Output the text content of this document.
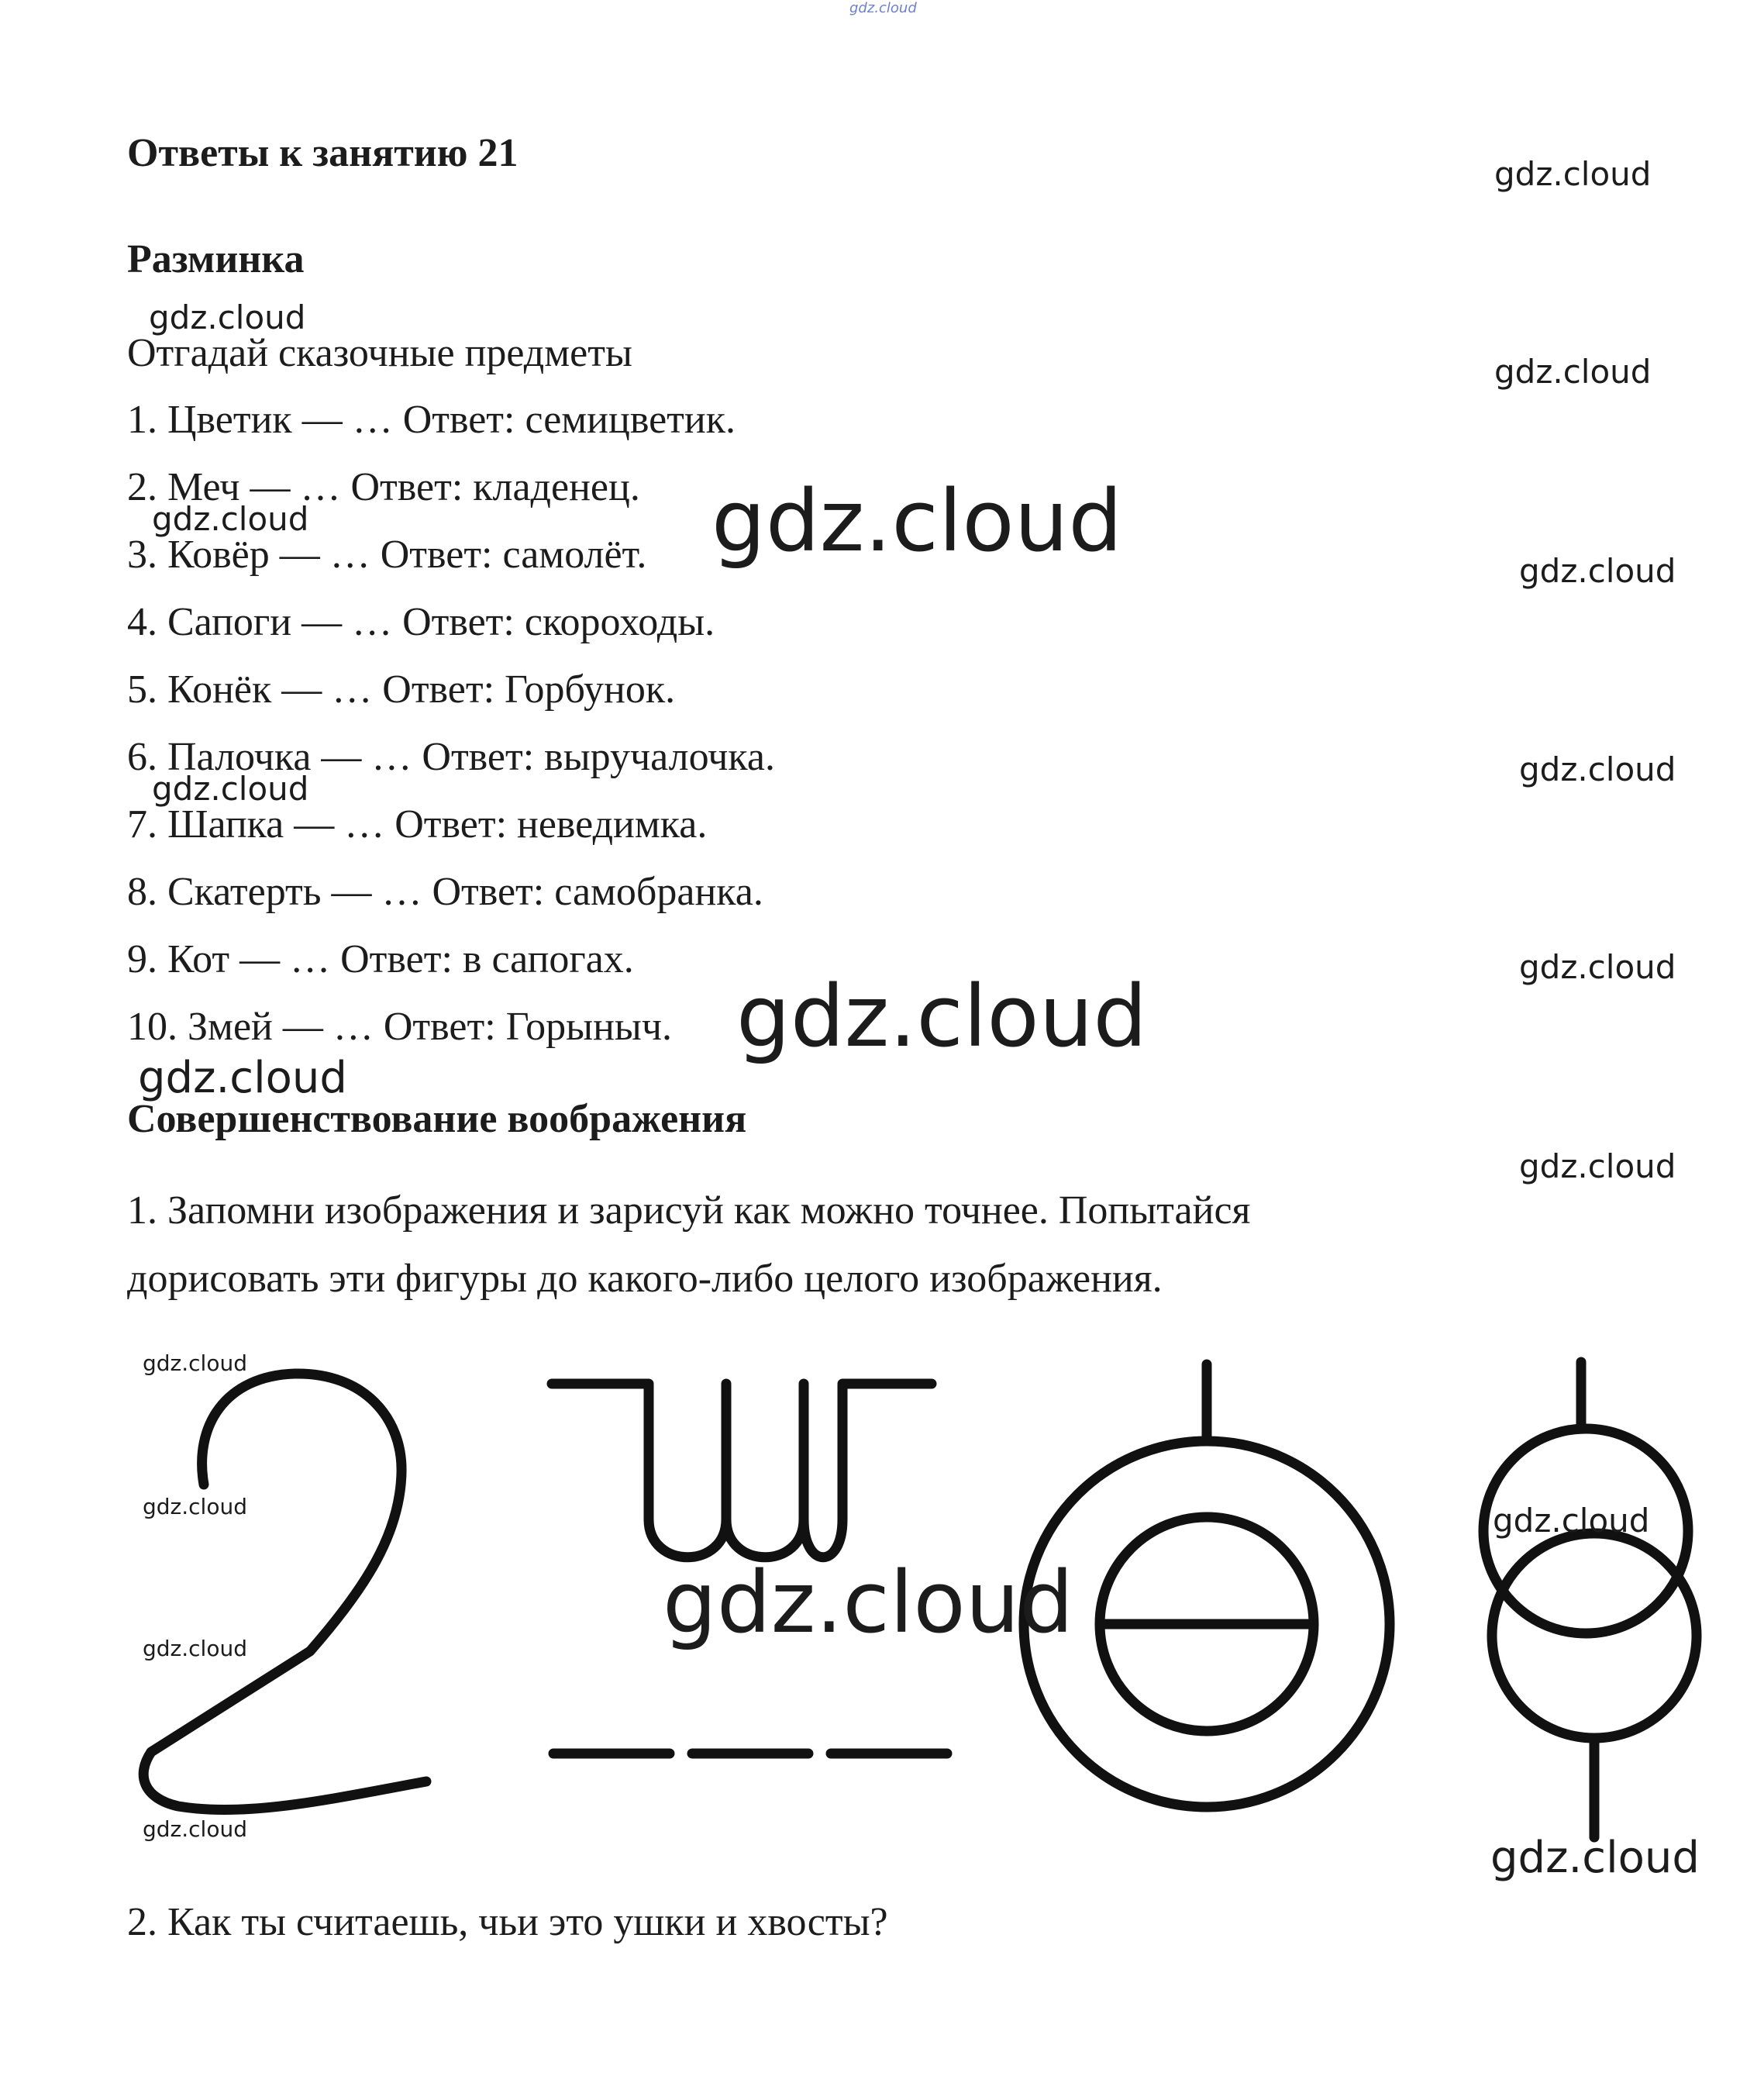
gdz.cloud
Ответы к занятию 21
Разминка
Отгадай сказочные предметы
1. Цветик — … Ответ: семицветик.
2. Меч — … Ответ: кладенец.
3. Ковёр — … Ответ: самолёт.
4. Сапоги — … Ответ: скороходы.
5. Конёк — … Ответ: Горбунок.
6. Палочка — … Ответ: выручалочка.
7. Шапка — … Ответ: неведимка.
8. Скатерть — … Ответ: самобранка.
9. Кот — … Ответ: в сапогах.
10. Змей — … Ответ: Горыныч.
Совершенствование воображения
1. Запомни изображения и зарисуй как можно точнее. Попытайся
дорисовать эти фигуры до какого-либо целого изображения.
2. Как ты считаешь, чьи это ушки и хвосты?
gdz.cloud
gdz.cloud
gdz.cloud
gdz.cloud	gdz.cloud
gdz.cloud
gdz.cloud
gdz.cloud
gdz.cloud
gdz.cloud
gdz.cloud
gdz.cloud
gdz.cloud
gdz.cloud	gdz.cloud
gdz.cloud
gdz.cloud
gdz.cloud
gdz.cloud
